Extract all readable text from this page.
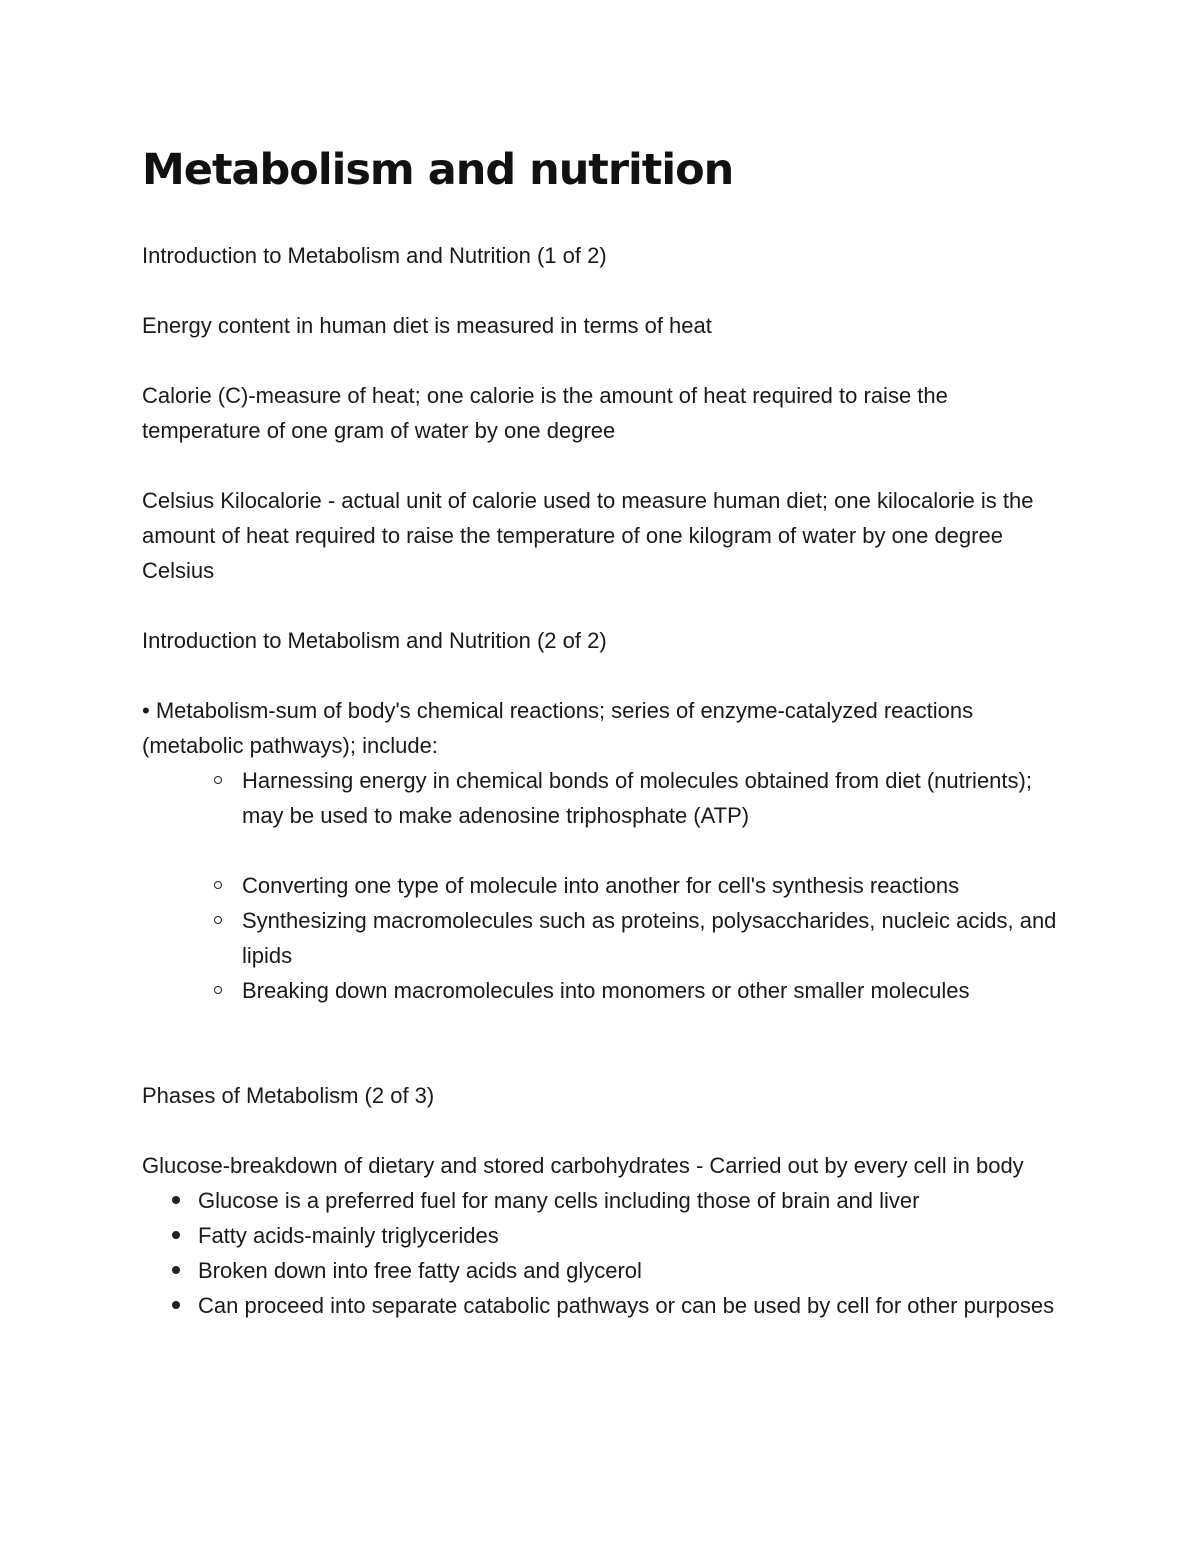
Metabolism and nutrition

Introduction to Metabolism and Nutrition (1 of 2)

Energy content in human diet is measured in terms of heat

Calorie (C)-measure of heat; one calorie is the amount of heat required to raise the temperature of one gram of water by one degree

Celsius Kilocalorie - actual unit of calorie used to measure human diet; one kilocalorie is the amount of heat required to raise the temperature of one kilogram of water by one degree Celsius

Introduction to Metabolism and Nutrition (2 of 2)

• Metabolism-sum of body's chemical reactions; series of enzyme-catalyzed reactions (metabolic pathways); include:

Harnessing energy in chemical bonds of molecules obtained from diet (nutrients); may be used to make adenosine triphosphate (ATP)
Converting one type of molecule into another for cell's synthesis reactions
Synthesizing macromolecules such as proteins, polysaccharides, nucleic acids, and lipids
Breaking down macromolecules into monomers or other smaller molecules

Phases of Metabolism (2 of 3)

Glucose-breakdown of dietary and stored carbohydrates - Carried out by every cell in body

Glucose is a preferred fuel for many cells including those of brain and liver
Fatty acids-mainly triglycerides
Broken down into free fatty acids and glycerol
Can proceed into separate catabolic pathways or can be used by cell for other purposes
